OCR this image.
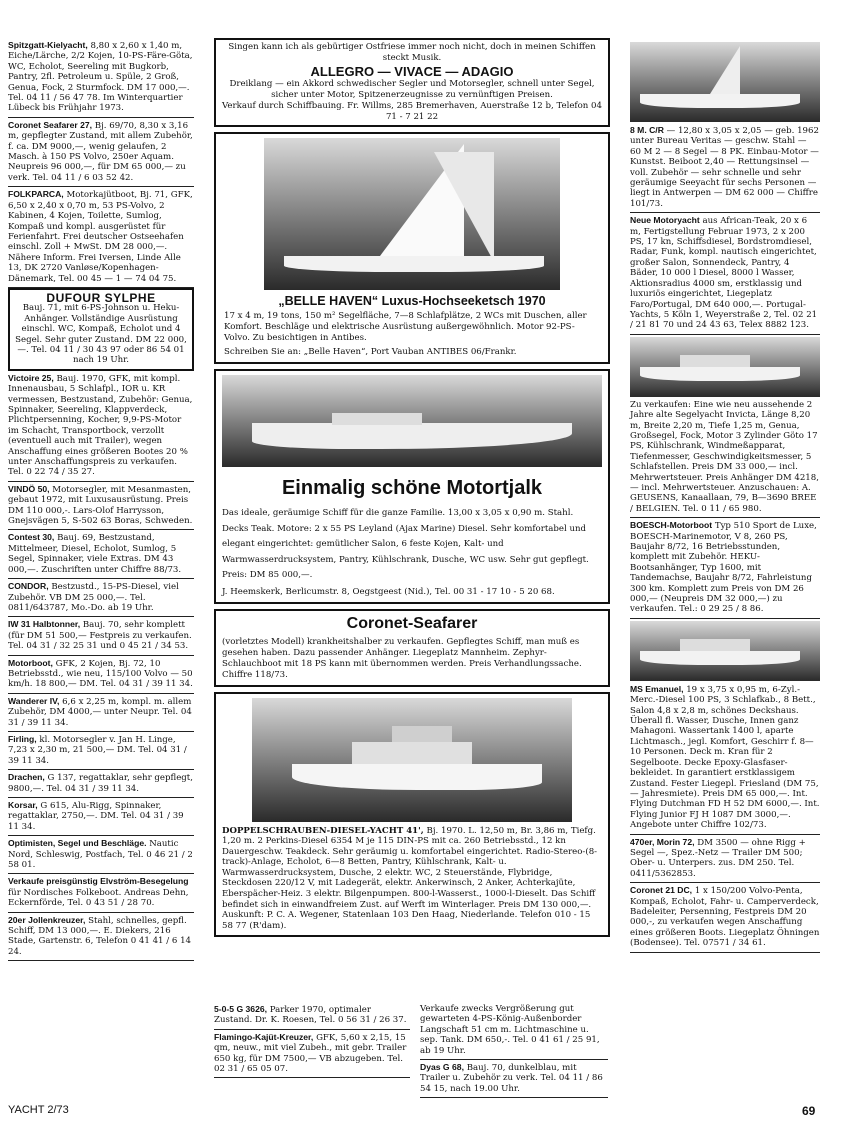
Spitzgatt-Kielyacht, 8,80 x 2,60 x 1,40 m, Eiche/Lärche, 2/2 Kojen, 10-PS-Färe-Göta, WC, Echolot, Seereling mit Bugkorb, Pantry, 2fl. Petroleum u. Spüle, 2 Groß, Genua, Fock, 2 Sturmfock. DM 17 000,—. Tel. 04 11 / 56 47 78. Im Winterquartier Lübeck bis Frühjahr 1973.
Coronet Seafarer 27, Bj. 69/70, 8,30 x 3,16 m, gepflegter Zustand, mit allem Zubehör, f. ca. DM 9000,—, wenig gelaufen, 2 Masch. à 150 PS Volvo, 250er Aquam. Neupreis 96 000,—, für DM 65 000,— zu verk. Tel. 04 11 / 6 03 52 42.
FOLKPARCA, Motorkajütboot, Bj. 71, GFK, 6,50 x 2,40 x 0,70 m, 53 PS-Volvo, 2 Kabinen, 4 Kojen, Toilette, Sumlog, Kompaß und kompl. ausgerüstet für Ferienfahrt. Frei deutscher Ostseehafen einschl. Zoll + MwSt. DM 28 000,—. Nähere Inform. Frei Iversen, Linde Alle 13, DK 2720 Vanløse/Kopenhagen-Dänemark, Tel. 00 45 — 1 — 74 04 75.
DUFOUR SYLPHE
Bauj. 71, mit 6-PS-Johnson u. Heku-Anhänger. Vollständige Ausrüstung einschl. WC, Kompaß, Echolot und 4 Segel. Sehr guter Zustand. DM 22 000,—. Tel. 04 11 / 30 43 97 oder 86 54 01 nach 19 Uhr.
Victoire 25, Bauj. 1970, GFK, mit kompl. Innenausbau, 5 Schlafpl., IOR u. KR vermessen, Bestzustand, Zubehör: Genua, Spinnaker, Seereling, Klappverdeck, Plichtpersenning, Kocher, 9,9-PS-Motor im Schacht, Transportbock, verzollt (eventuell auch mit Trailer), wegen Anschaffung eines größeren Bootes 20 % unter Anschaffungspreis zu verkaufen. Tel. 0 22 74 / 35 27.
VINDÖ 50, Motorsegler, mit Mesanmasten, gebaut 1972, mit Luxusausrüstung. Preis DM 110 000,-. Lars-Olof Harrysson, Gnejsvägen 5, S-502 63 Boras, Schweden.
Contest 30, Bauj. 69, Bestzustand, Mittelmeer, Diesel, Echolot, Sumlog, 5 Segel, Spinnaker, viele Extras. DM 43 000,—. Zuschriften unter Chiffre 88/73.
CONDOR, Bestzustd., 15-PS-Diesel, viel Zubehör. VB DM 25 000,—. Tel. 0811/643787, Mo.-Do. ab 19 Uhr.
IW 31 Halbtonner, Bauj. 70, sehr komplett (für DM 51 500,— Festpreis zu verkaufen. Tel. 04 31 / 32 25 31 und 0 45 21 / 34 53.
Motorboot, GFK, 2 Kojen, Bj. 72, 10 Betriebsstd., wie neu, 115/100 Volvo — 50 km/h. 18 800,— DM. Tel. 04 31 / 39 11 34.
Wanderer IV, 6,6 x 2,25 m, kompl. m. allem Zubehör, DM 4000,— unter Neupr. Tel. 04 31 / 39 11 34.
Firling, kl. Motorsegler v. Jan H. Linge, 7,23 x 2,30 m, 21 500,— DM. Tel. 04 31 / 39 11 34.
Drachen, G 137, regattaklar, sehr gepflegt, 9800,—. Tel. 04 31 / 39 11 34.
Korsar, G 615, Alu-Rigg, Spinnaker, regattaklar, 2750,—. DM. Tel. 04 31 / 39 11 34.
Optimisten, Segel und Beschläge. Nautic Nord, Schleswig, Postfach, Tel. 0 46 21 / 2 58 01.
Verkaufe preisgünstig Elvström-Besegelung für Nordisches Folkeboot. Andreas Dehn, Eckernförde, Tel. 0 43 51 / 28 70.
20er Jollenkreuzer, Stahl, schnelles, gepfl. Schiff, DM 13 000,—. E. Diekers, 216 Stade, Gartenstr. 6, Telefon 0 41 41 / 6 14 24.
Singen kann ich als gebürtiger Ostfriese immer noch nicht, doch in meinen Schiffen steckt Musik.
ALLEGRO — VIVACE — ADAGIO
Dreiklang — ein Akkord schwedischer Segler und Motorsegler, schnell unter Segel, sicher unter Motor, Spitzenerzeugnisse zu vernünftigen Preisen.
Verkauf durch Schiffbauing. Fr. Willms, 285 Bremerhaven, Auerstraße 12 b, Telefon 04 71 - 7 21 22
„BELLE HAVEN“ Luxus-Hochseeketsch 1970
17 x 4 m, 19 tons, 150 m² Segelfläche, 7—8 Schlafplätze, 2 WCs mit Duschen, aller Komfort. Beschläge und elektrische Ausrüstung außergewöhnlich. Motor 92-PS-Volvo. Zu besichtigen in Antibes.
Schreiben Sie an: „Belle Haven“, Port Vauban ANTIBES 06/Frankr.
Einmalig schöne Motortjalk
Das ideale, geräumige Schiff für die ganze Familie. 13,00 x 3,05 x 0,90 m. Stahl. Decks Teak. Motore: 2 x 55 PS Leyland (Ajax Marine) Diesel. Sehr komfortabel und elegant eingerichtet: gemütlicher Salon, 6 feste Kojen, Kalt- und Warmwasserdrucksystem, Pantry, Kühlschrank, Dusche, WC usw. Sehr gut gepflegt. Preis: DM 85 000,—.
J. Heemskerk, Berlicumstr. 8, Oegstgeest (Nid.), Tel. 00 31 - 17 10 - 5 20 68.
Coronet-Seafarer
(vorletztes Modell) krankheitshalber zu verkaufen. Gepflegtes Schiff, man muß es gesehen haben. Dazu passender Anhänger. Liegeplatz Mannheim. Zephyr-Schlauchboot mit 18 PS kann mit übernommen werden. Preis Verhandlungssache. Chiffre 118/73.
DOPPELSCHRAUBEN-DIESEL-YACHT 41', Bj. 1970. L. 12,50 m, Br. 3,86 m, Tiefg. 1,20 m. 2 Perkins-Diesel 6354 M je 115 DIN-PS mit ca. 260 Betriebsstd., 12 kn Dauergeschw. Teakdeck. Sehr geräumig u. komfortabel eingerichtet. Radio-Stereo-(8-track)-Anlage, Echolot, 6—8 Betten, Pantry, Kühlschrank, Kalt- u. Warmwasserdrucksystem, Dusche, 2 elektr. WC, 2 Steuerstände, Flybridge, Steckdosen 220/12 V, mit Ladegerät, elektr. Ankerwinsch, 2 Anker, Achterkajüte, Eberspächer-Heiz. 3 elektr. Bilgenpumpen. 800-l-Wasserst., 1000-l-Dieselt. Das Schiff befindet sich in einwandfreiem Zust. auf Werft im Winterlager. Preis DM 130 000,—. Auskunft: P. C. A. Wegener, Statenlaan 103 Den Haag, Niederlande. Telefon 010 - 15 58 77 (R'dam).
5-0-5 G 3626, Parker 1970, optimaler Zustand. Dr. K. Roesen, Tel. 0 56 31 / 26 37.
Flamingo-Kajüt-Kreuzer, GFK, 5,60 x 2,15, 15 qm, neuw., mit viel Zubeh., mit gebr. Trailer 650 kg, für DM 7500,— VB abzugeben. Tel. 02 31 / 65 05 07.
Verkaufe zwecks Vergrößerung gut gewarteten 4-PS-König-Außenborder Langschaft 51 cm m. Lichtmaschine u. sep. Tank. DM 650,-. Tel. 0 41 61 / 25 91, ab 19 Uhr.
Dyas G 68, Bauj. 70, dunkelblau, mit Trailer u. Zubehör zu verk. Tel. 04 11 / 86 54 15, nach 19.00 Uhr.
8 M. C/R — 12,80 x 3,05 x 2,05 — geb. 1962 unter Bureau Veritas — geschw. Stahl — 60 M 2 — 8 Segel — 8 PK. Einbau-Motor — Kunstst. Beiboot 2,40 — Rettungsinsel — voll. Zubehör — sehr schnelle und sehr geräumige Seeyacht für sechs Personen — liegt in Antwerpen — DM 62 000 — Chiffre 101/73.
Neue Motoryacht aus African-Teak, 20 x 6 m, Fertigstellung Februar 1973, 2 x 200 PS, 17 kn, Schiffsdiesel, Bordstromdiesel, Radar, Funk, kompl. nautisch eingerichtet, großer Salon, Sonnendeck, Pantry, 4 Bäder, 10 000 l Diesel, 8000 l Wasser, Aktionsradius 4000 sm, erstklassig und luxuriös eingerichtet, Liegeplatz Faro/Portugal, DM 640 000,—. Portugal-Yachts, 5 Köln 1, Weyerstraße 2, Tel. 02 21 / 21 81 70 und 24 43 63, Telex 8882 123.
Zu verkaufen: Eine wie neu aussehende 2 Jahre alte Segelyacht Invicta, Länge 8,20 m, Breite 2,20 m, Tiefe 1,25 m, Genua, Großsegel, Fock, Motor 3 Zylinder Göto 17 PS, Kühlschrank, Windmeßapparat, Tiefenmesser, Geschwindigkeitsmesser, 5 Schlafstellen. Preis DM 33 000,— incl. Mehrwertsteuer. Preis Anhänger DM 4218,— incl. Mehrwertsteuer. Anzuschauen: A. GEUSENS, Kanaallaan, 79, B—3690 BREE / BELGIEN. Tel. 0 11 / 65 980.
BOESCH-Motorboot Typ 510 Sport de Luxe, BOESCH-Marinemotor, V 8, 260 PS, Baujahr 8/72, 16 Betriebsstunden, komplett mit Zubehör. HEKU-Bootsanhänger, Typ 1600, mit Tandemachse, Baujahr 8/72, Fahrleistung 300 km. Komplett zum Preis von DM 26 000,— (Neupreis DM 32 000,—) zu verkaufen. Tel.: 0 29 25 / 8 86.
MS Emanuel, 19 x 3,75 x 0,95 m, 6-Zyl.-Merc.-Diesel 100 PS, 3 Schlafkab., 8 Bett., Salon 4,8 x 2,8 m, schönes Deckshaus. Überall fl. Wasser, Dusche, Innen ganz Mahagoni. Wassertank 1400 l, aparte Lichtmasch., jegl. Komfort, Geschirr f. 8—10 Personen. Deck m. Kran für 2 Segelboote. Decke Epoxy-Glasfaser-bekleidet. In garantiert erstklassigem Zustand. Fester Liegepl. Friesland (DM 75,— Jahresmiete). Preis DM 65 000,—. Int. Flying Dutchman FD H 52 DM 6000,—. Int. Flying Junior FJ H 1087 DM 3000,—. Angebote unter Chiffre 102/73.
470er, Morin 72, DM 3500 — ohne Rigg + Segel —, Spez.-Netz — Trailer DM 500; Ober- u. Unterpers. zus. DM 250. Tel. 0411/5362853.
Coronet 21 DC, 1 x 150/200 Volvo-Penta, Kompaß, Echolot, Fahr- u. Camperverdeck, Badeleiter, Persenning, Festpreis DM 20 000,-, zu verkaufen wegen Anschaffung eines größeren Boots. Liegeplatz Öhningen (Bodensee). Tel. 07571 / 34 61.
YACHT 2/73	69
